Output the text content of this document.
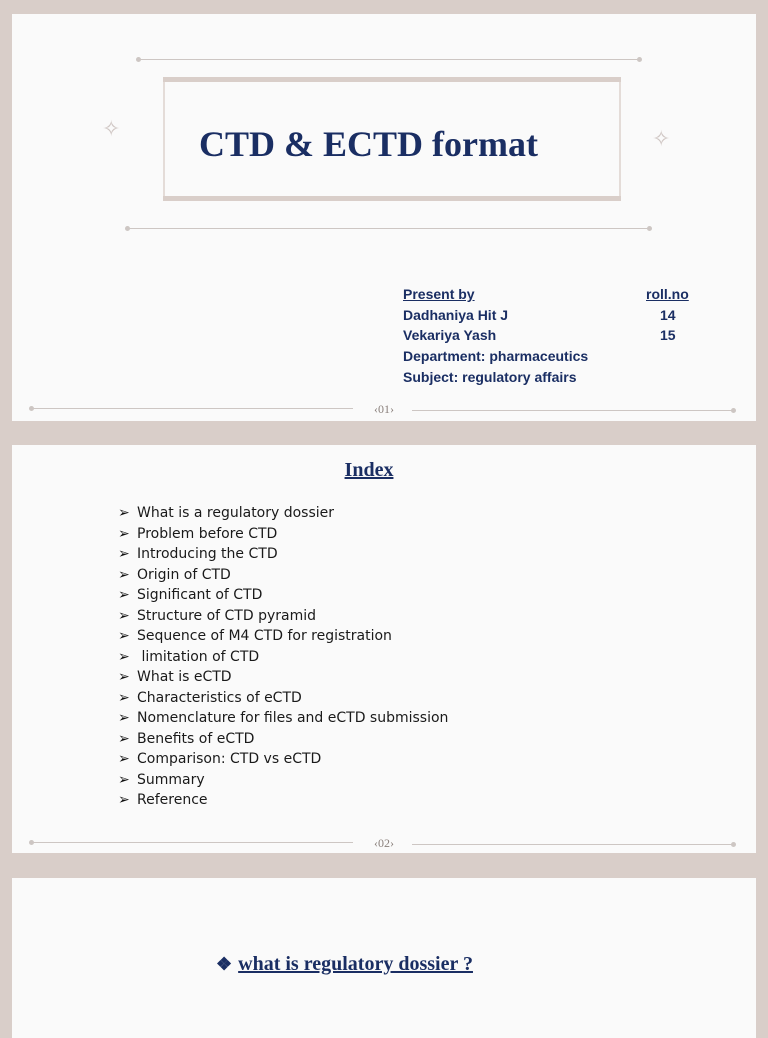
CTD & ECTD format
✧	✧
Present by	roll.no
Dadhaniya Hit J	14
Vekariya Yash	15
Department: pharmaceutics
Subject: regulatory affairs
‹01›
Index
➢ What is a regulatory dossier
➢ Problem before CTD
➢ Introducing the CTD
➢ Origin of CTD
➢ Significant of CTD
➢ Structure of CTD pyramid
➢ Sequence of M4 CTD for registration
➢ limitation of CTD
➢ What is eCTD
➢ Characteristics of eCTD
➢ Nomenclature for files and eCTD submission
➢ Benefits of eCTD
➢ Comparison: CTD vs eCTD
➢ Summary
➢ Reference
‹02›
❖ what is regulatory dossier ?
